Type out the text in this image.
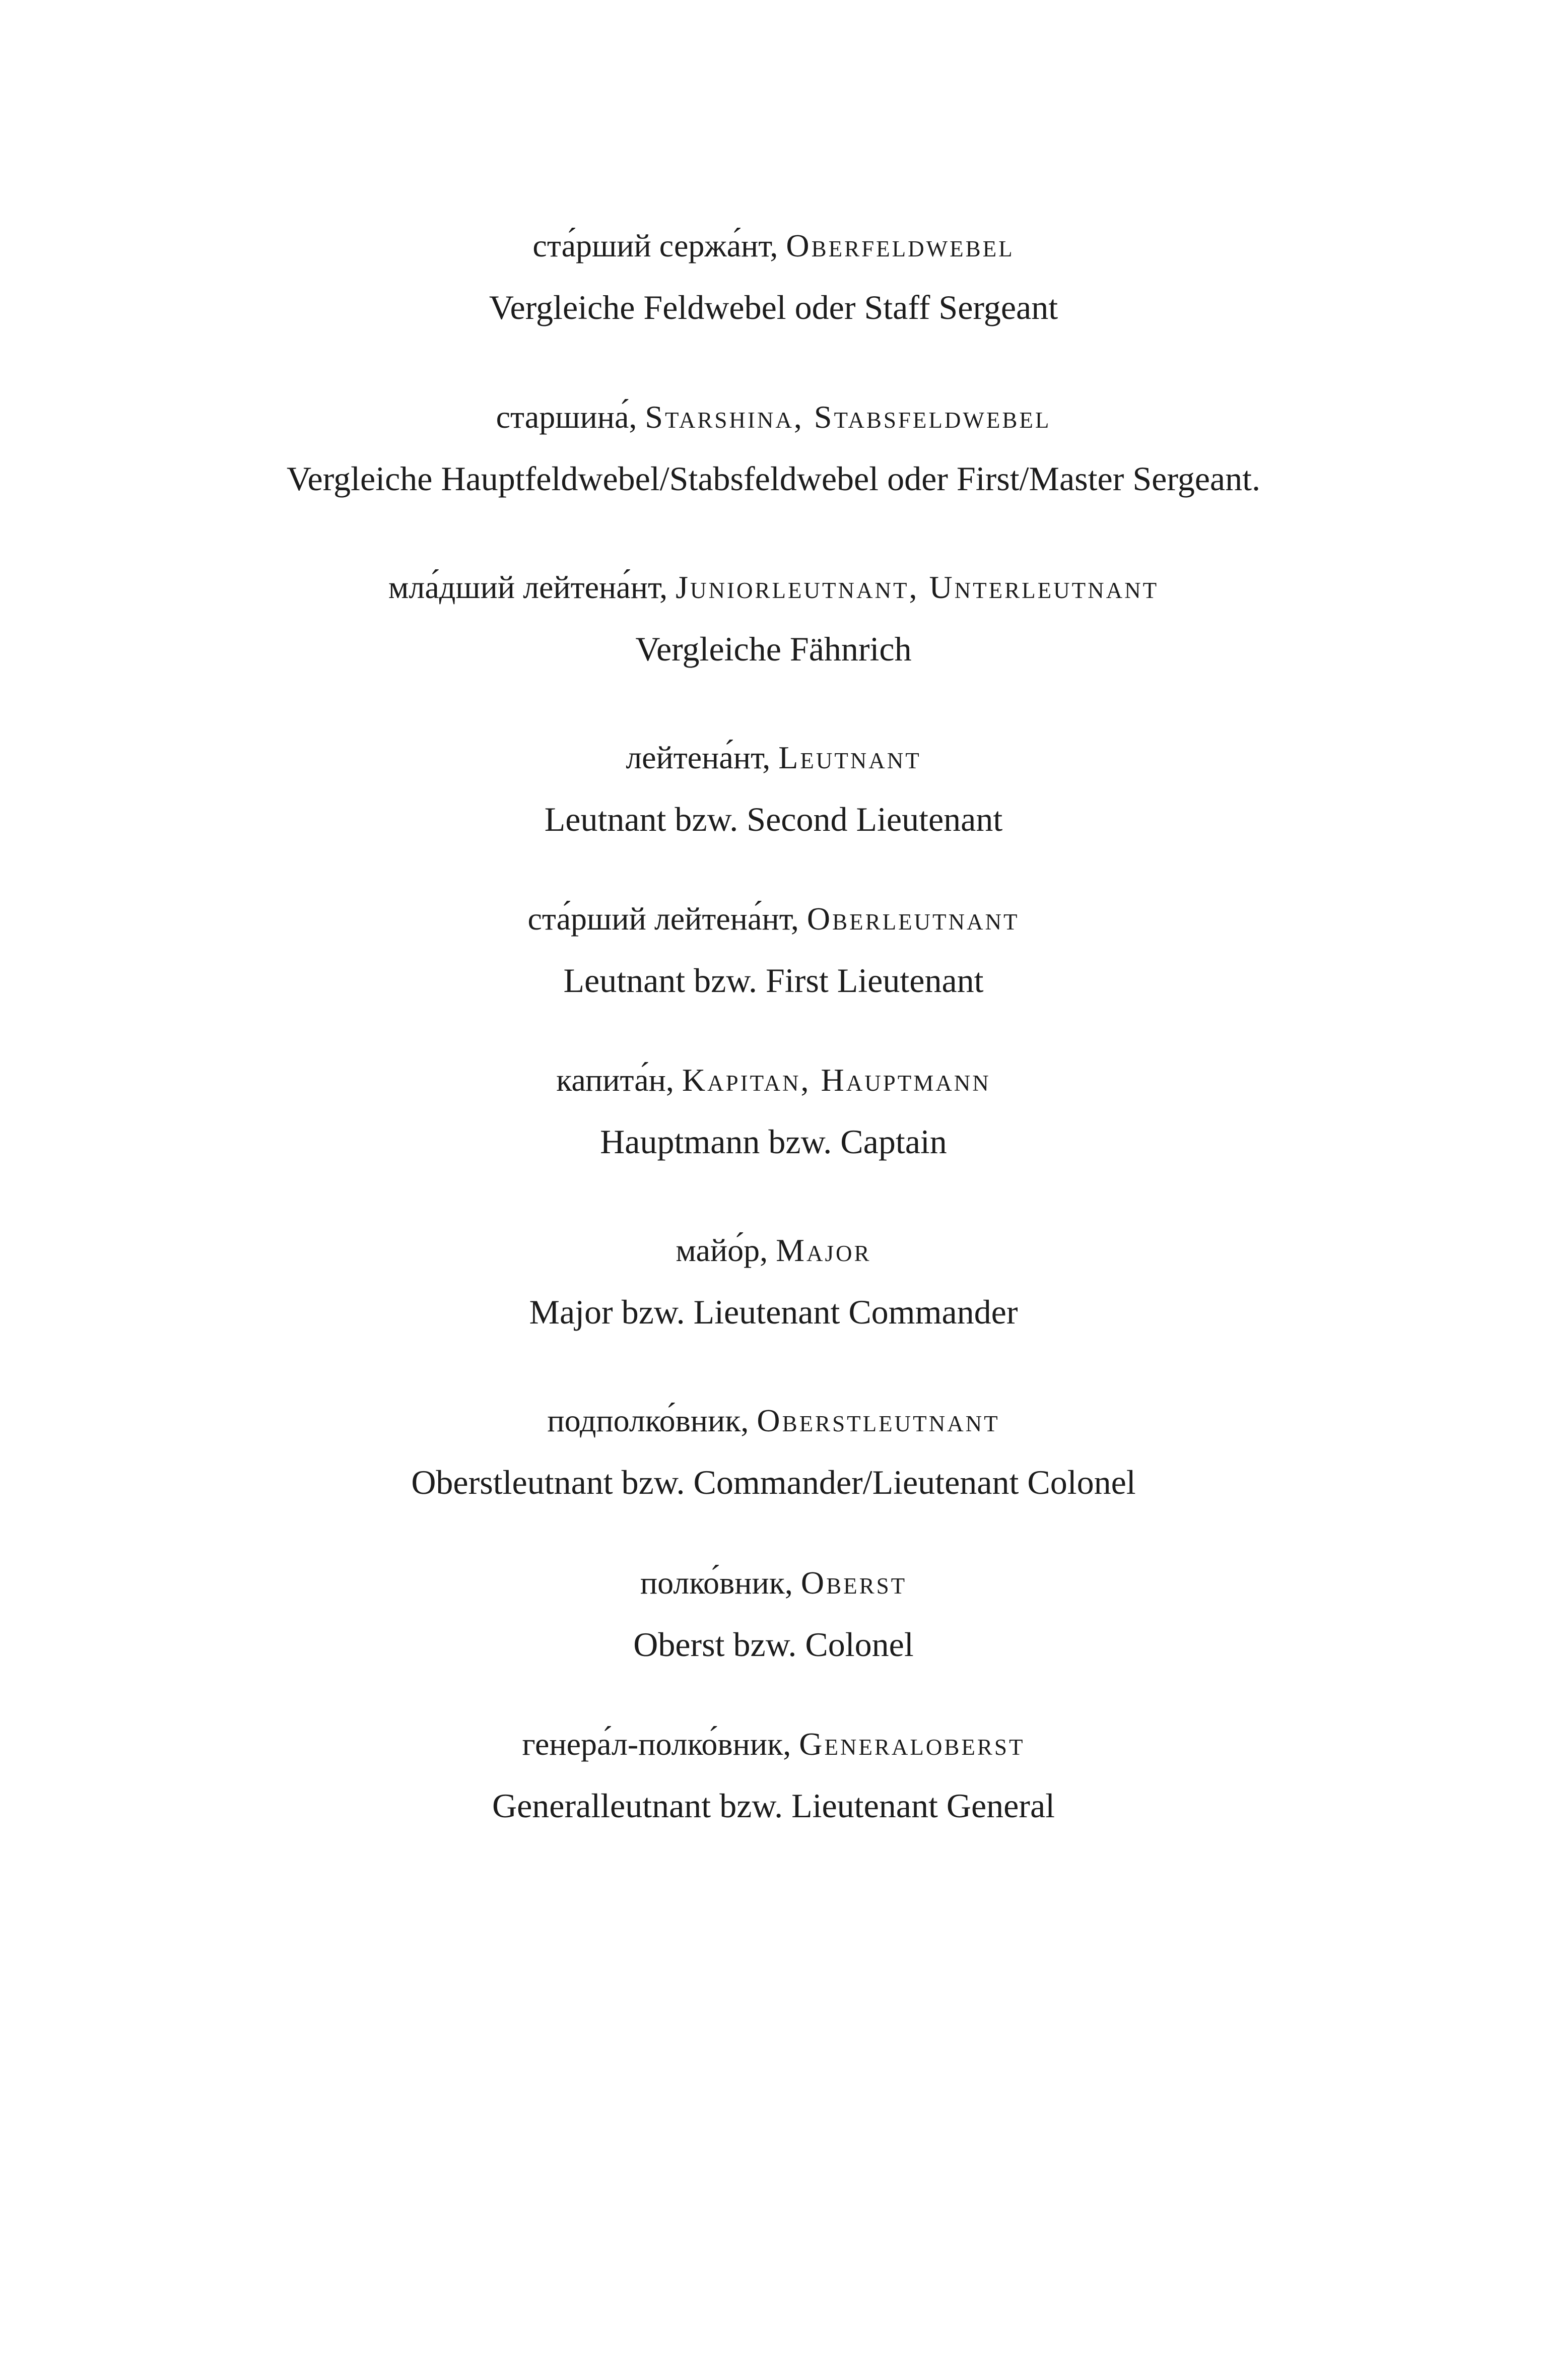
ста́рший сержа́нт, Oberfeldwebel
Vergleiche Feldwebel oder Staff Sergeant
старшина́, Starshina, Stabsfeldwebel
Vergleiche Hauptfeldwebel/Stabsfeldwebel oder First/Master Sergeant.
мла́дший лейтена́нт, Juniorleutnant, Unterleutnant
Vergleiche Fähnrich
лейтена́нт, Leutnant
Leutnant bzw. Second Lieutenant
ста́рший лейтена́нт, Oberleutnant
Leutnant bzw. First Lieutenant
капита́н, Kapitan, Hauptmann
Hauptmann bzw. Captain
майо́р, Major
Major bzw. Lieutenant Commander
подполко́вник, Oberstleutnant
Oberstleutnant bzw. Commander/Lieutenant Colonel
полко́вник, Oberst
Oberst bzw. Colonel
генера́л-полко́вник, Generaloberst
Generalleutnant bzw. Lieutenant General
